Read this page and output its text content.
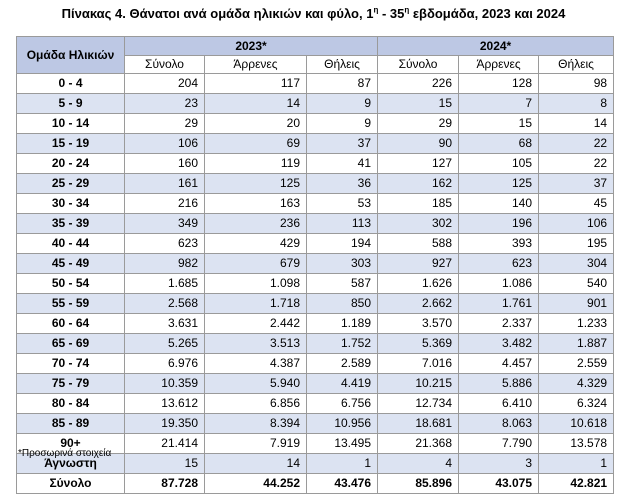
Πίνακας 4. Θάνατοι ανά ομάδα ηλικιών και φύλο, $1^\eta - 35^\eta$ εβδομάδα, 2023 και 2024
Ομάδα Ηλικιών	2023*			2024*		
	Σύνολο	Άρρενες	Θήλεις	Σύνολο	Άρρενες	Θήλεις
0 - 4	204	117	87	226	128	98
5 - 9	23	14	9	15	7	8
10 - 14	29	20	9	29	15	14
15 - 19	106	69	37	90	68	22
20 - 24	160	119	41	127	105	22
25 - 29	161	125	36	162	125	37
30 - 34	216	163	53	185	140	45
35 - 39	349	236	113	302	196	106
40 - 44	623	429	194	588	393	195
45 - 49	982	679	303	927	623	304
50 - 54	1.685	1.098	587	1.626	1.086	540
55 - 59	2.568	1.718	850	2.662	1.761	901
60 - 64	3.631	2.442	1.189	3.570	2.337	1.233
65 - 69	5.265	3.513	1.752	5.369	3.482	1.887
70 - 74	6.976	4.387	2.589	7.016	4.457	2.559
75 - 79	10.359	5.940	4.419	10.215	5.886	4.329
80 - 84	13.612	6.856	6.756	12.734	6.410	6.324
85 - 89	19.350	8.394	10.956	18.681	8.063	10.618
90+	21.414	7.919	13.495	21.368	7.790	13.578
Άγνωστη	15	14	1	4	3	1
Σύνολο	87.728	44.252	43.476	85.896	43.075	42.821
*Προσωρινά στοιχεία
